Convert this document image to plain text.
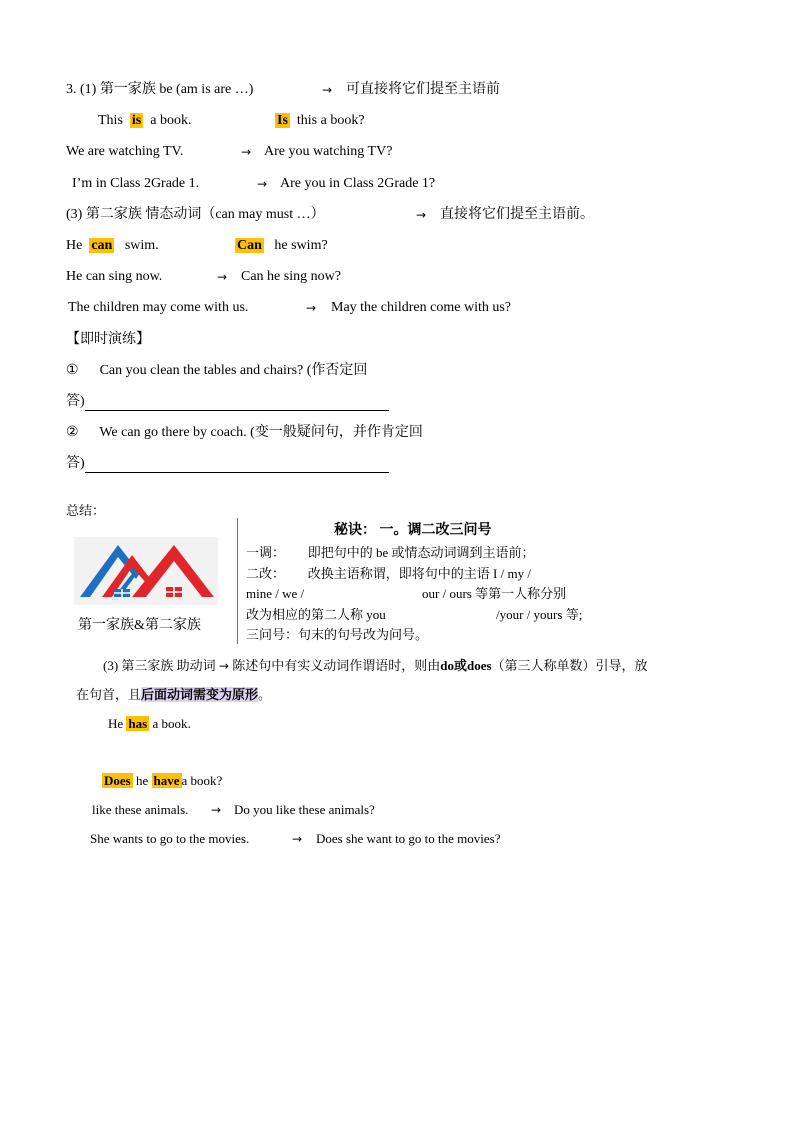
3. (1) 第一家族 be (am is are …)	→ 可直接将它们提至主语前
This is a book.	Is this a book?
We are watching TV.	→ Are you watching TV?
I’m in Class 2Grade 1.	→ Are you in Class 2Grade 1?
(3) 第二家族 情态动词（can may must …）	→ 直接将它们提至主语前。
He can swim.	Can he swim?
He can sing now.	→ Can he sing now?
The children may come with us.	→ May the children come with us?
【即时演练】
① Can you clean the tables and chairs? (作否定回
答)
② We can go there by coach. (变一般疑问句，并作肯定回
答)
总结：
第一家族&第二家族
秘诀： 一。调二改三问号
一调： 即把句中的 be 或情态动词调到主语前；
二改： 改换主语称谓，即将句中的主语 I / my /
mine / we /	our / ours 等第一人称分别
改为相应的第二人称 you	/your / yours 等;
三问号：句末的句号改为问号。
(3) 第三家族 助动词 → 陈述句中有实义动词作谓语时，则由do或does（第三人称单数）引导，放
在句首，且后面动词需变为原形。
He has a book.
Does he have a book?
like these animals. → Do you like these animals?
She wants to go to the movies.	→ Does she want to go to the movies?
